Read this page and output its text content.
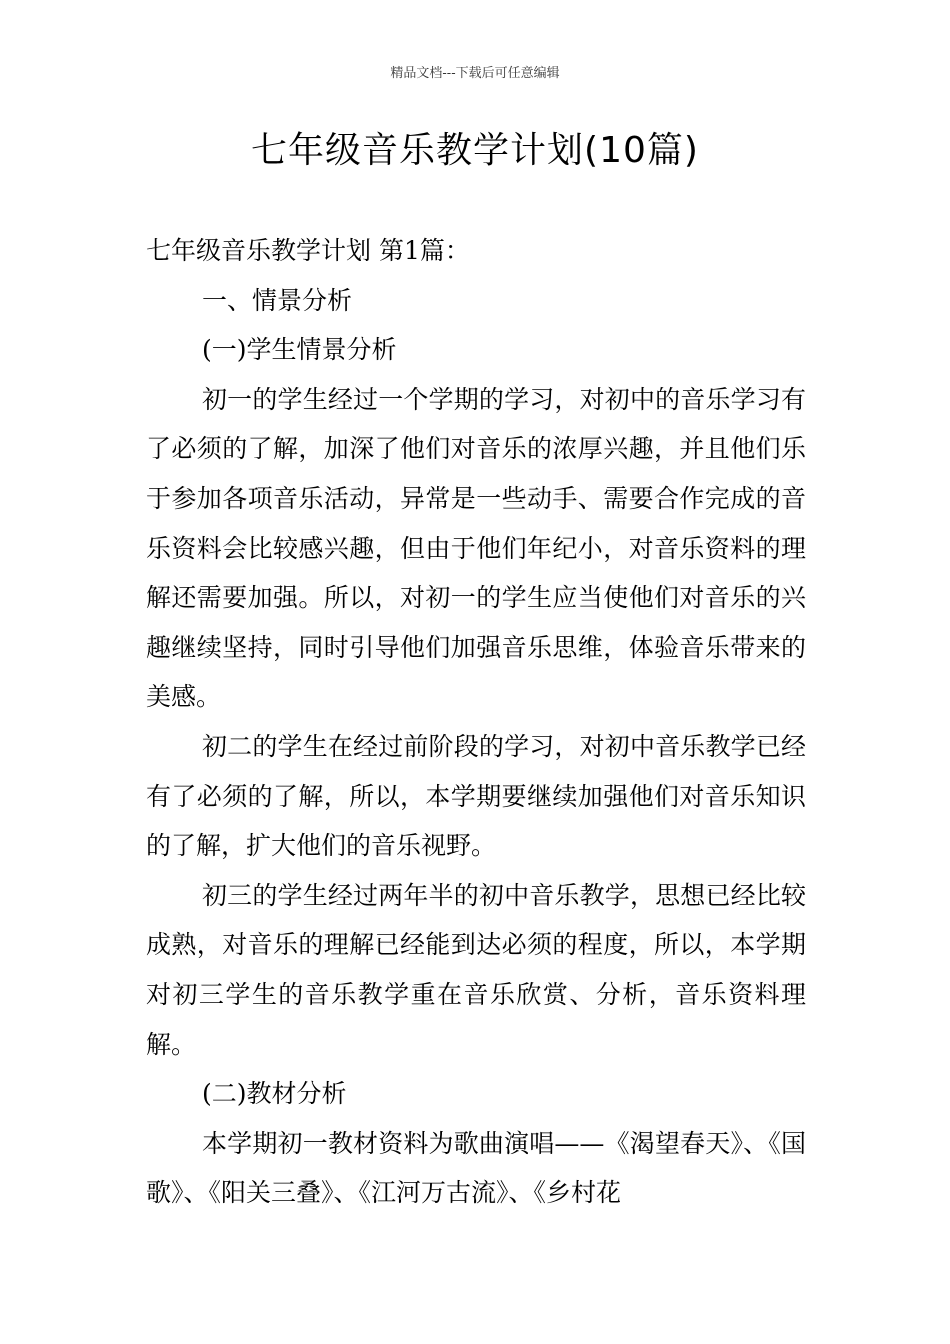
精品文档---下载后可任意编辑
七年级音乐教学计划(10篇)

七年级音乐教学计划 第1篇：

一、情景分析

(一)学生情景分析

初一的学生经过一个学期的学习，对初中的音乐学习有了必须的了解，加深了他们对音乐的浓厚兴趣，并且他们乐于参加各项音乐活动，异常是一些动手、需要合作完成的音乐资料会比较感兴趣，但由于他们年纪小，对音乐资料的理解还需要加强。所以，对初一的学生应当使他们对音乐的兴趣继续坚持，同时引导他们加强音乐思维，体验音乐带来的美感。

初二的学生在经过前阶段的学习，对初中音乐教学已经有了必须的了解，所以，本学期要继续加强他们对音乐知识的了解，扩大他们的音乐视野。

初三的学生经过两年半的初中音乐教学，思想已经比较成熟，对音乐的理解已经能到达必须的程度，所以，本学期对初三学生的音乐教学重在音乐欣赏、分析，音乐资料理解。

(二)教材分析

本学期初一教材资料为歌曲演唱——《渴望春天》、《国歌》、《阳关三叠》、《江河万古流》、《乡村花
